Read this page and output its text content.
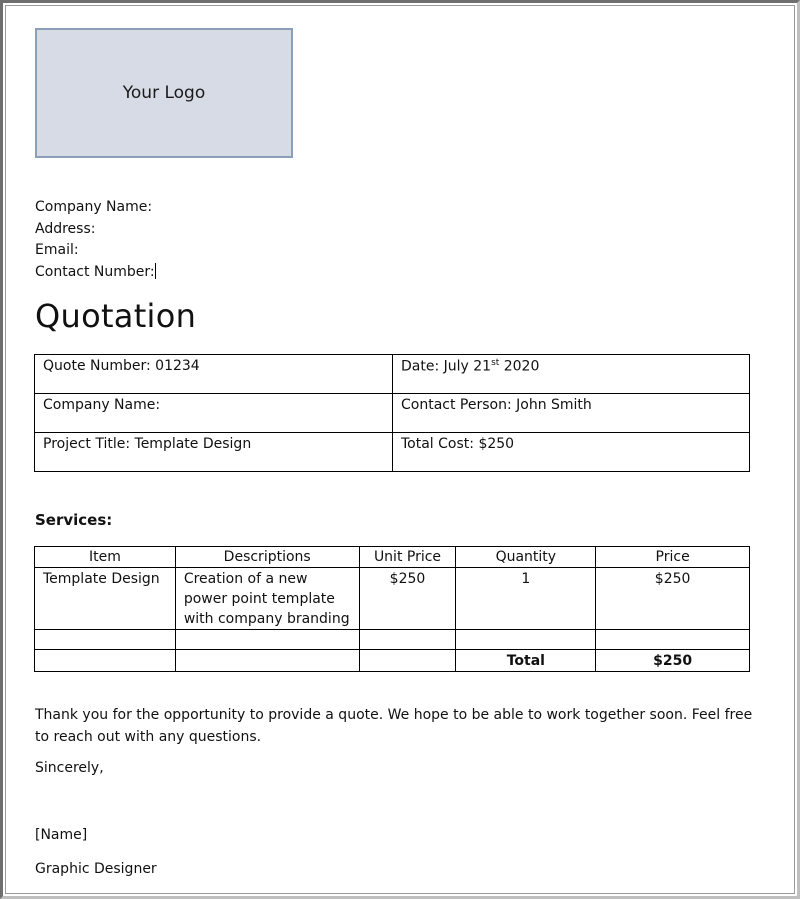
Your Logo
Company Name:
Address:
Email:
Contact Number:
Quotation
Quote Number: 01234	Date: July 21st 2020
Company Name:	Contact Person: John Smith
Project Title: Template Design	Total Cost: $250
Services:
Item	Descriptions	Unit Price	Quantity	Price
Template Design	Creation of a new power point template with company branding	$250	1	$250

			Total	$250

Thank you for the opportunity to provide a quote. We hope to be able to work together soon. Feel free to reach out with any questions.

Sincerely,
[Name]
Graphic Designer
